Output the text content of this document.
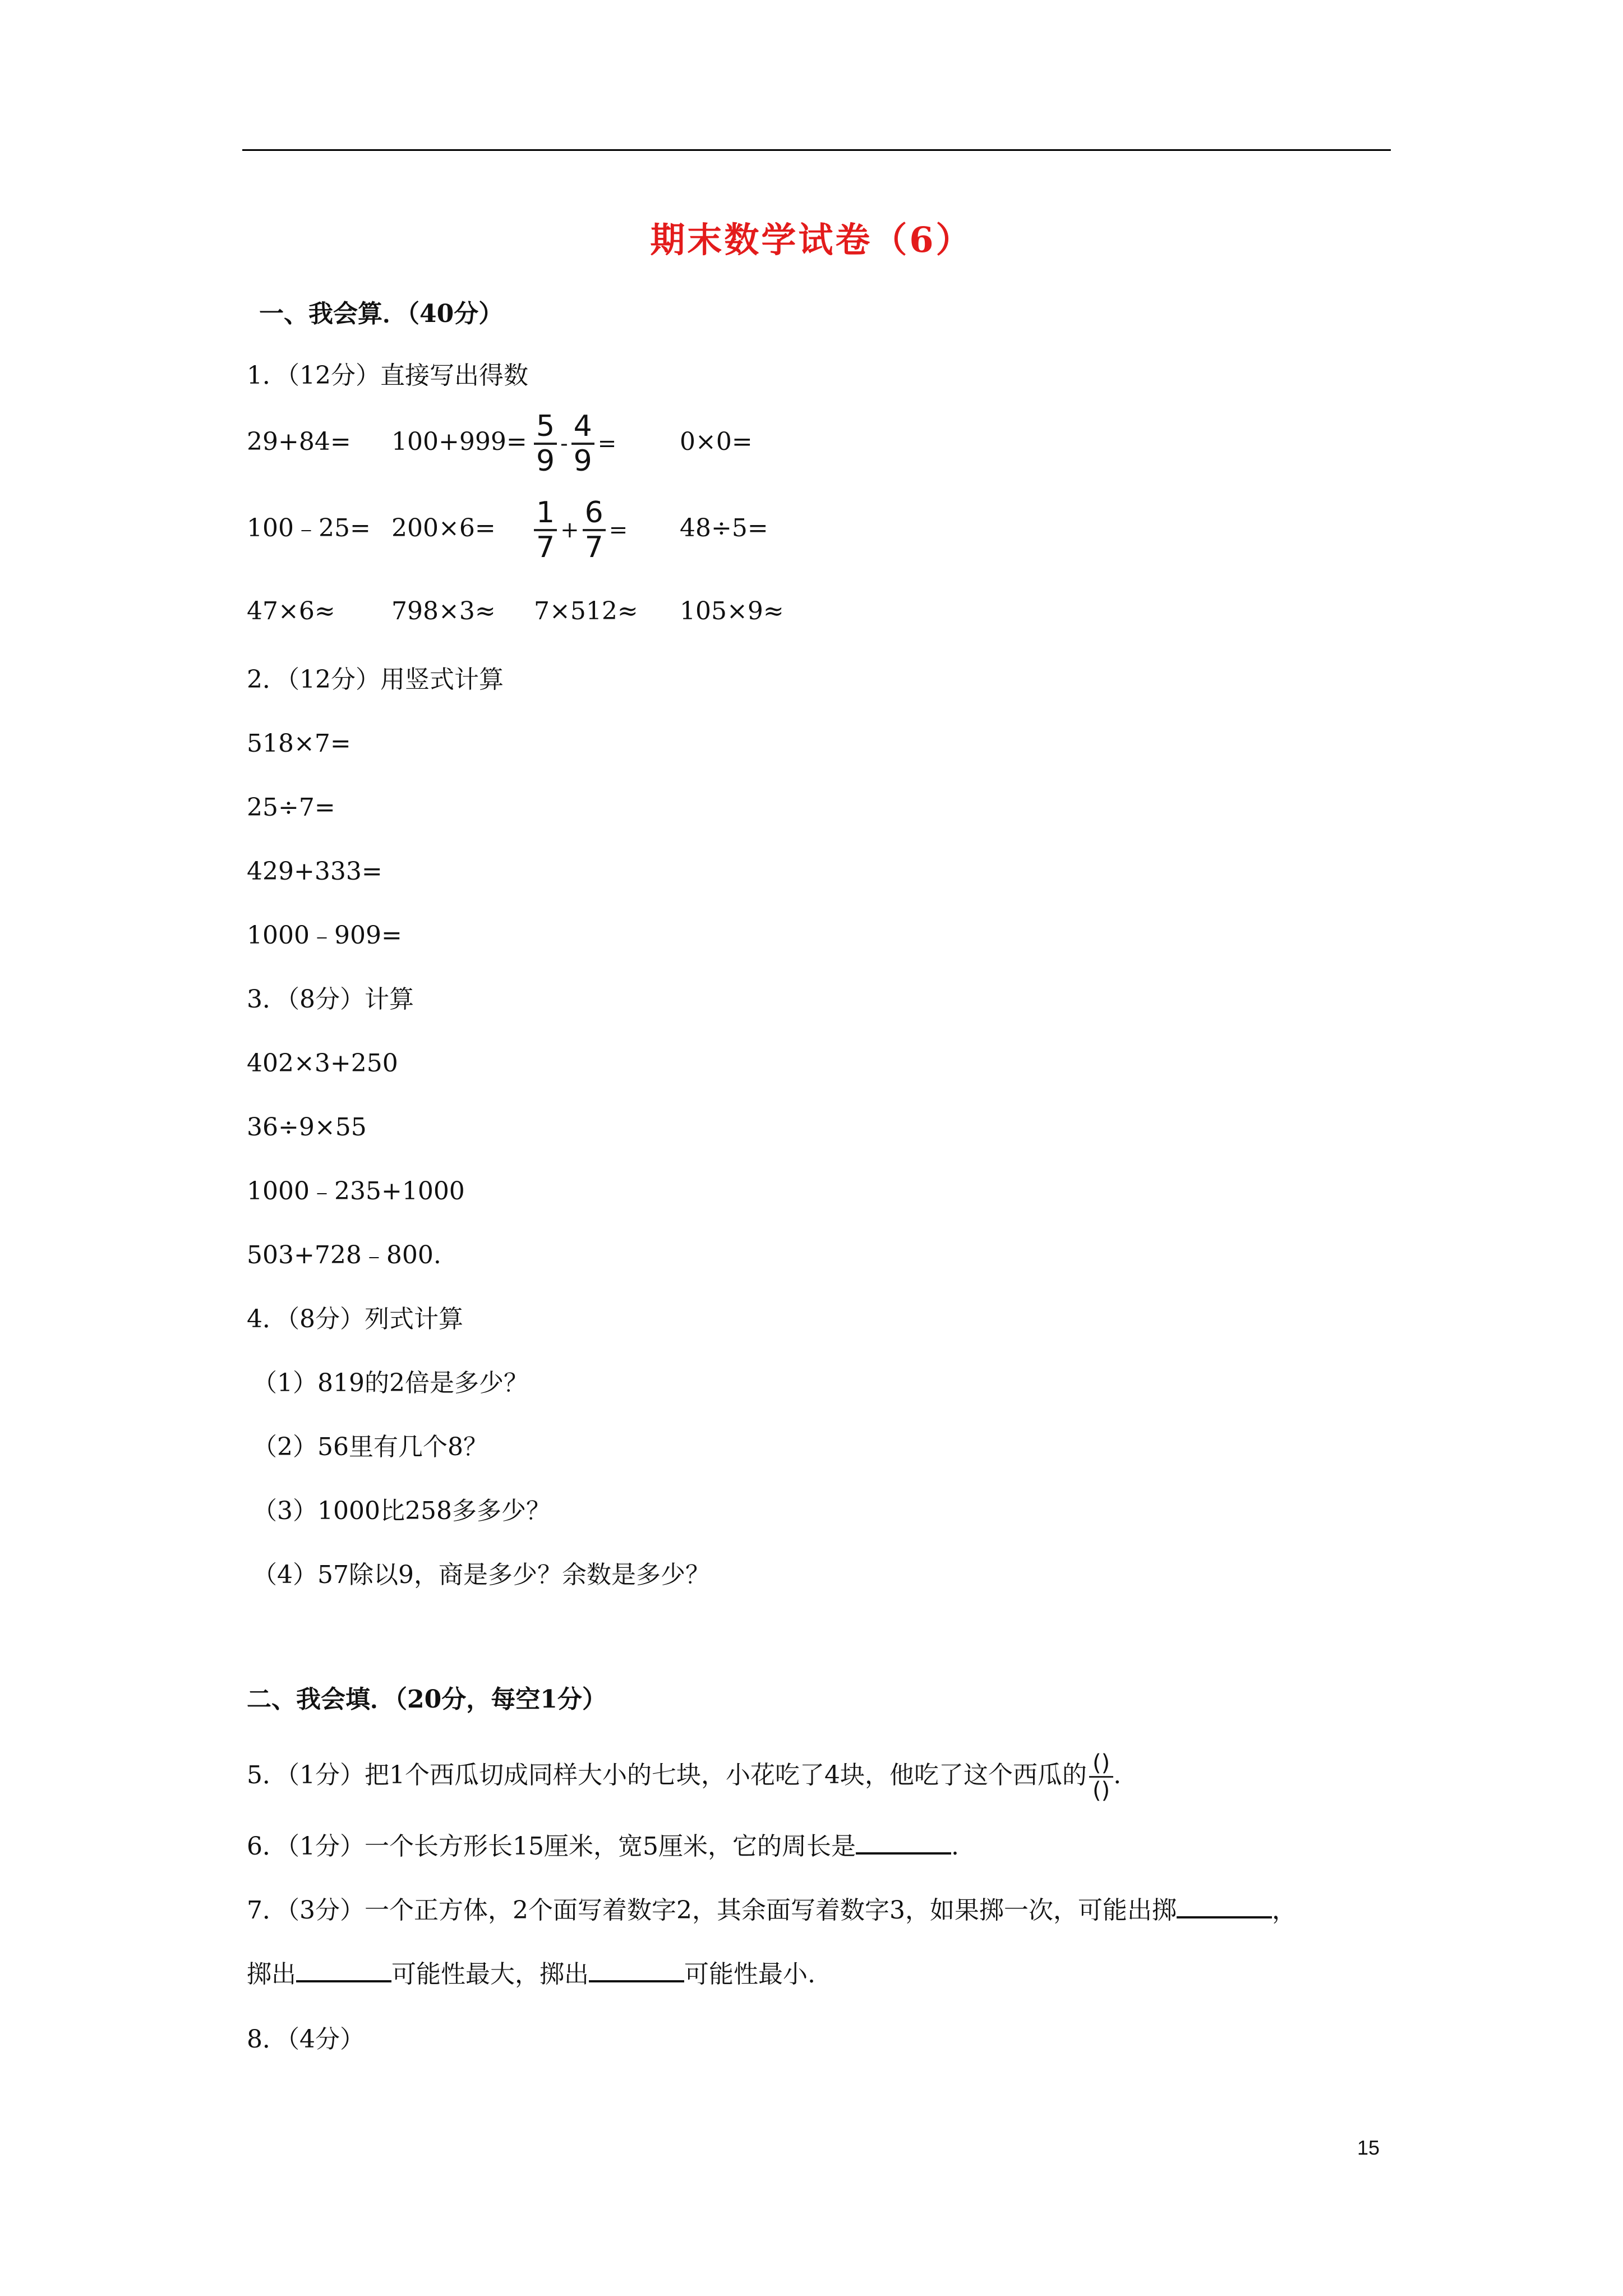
期末数学试卷（6）
一、我会算．（40分）
1．（12分）直接写出得数
$29+84= 100+999= \frac{5}{9} - \frac{4}{9}$ =	0×0=
100﹣25= $200\times 6= \frac{1}{7} + \frac{6}{7} = 48\div 5=$
47×6≈ 798×3≈ 7×512≈ 105×9≈
2．（12分）用竖式计算
518×7=
25÷7=
429+333=
1000﹣909=
3．（8分）计算
402×3+250
36÷9×55
1000﹣235+1000
503+728﹣800.
4．（8分）列式计算
（1）819的2倍是多少？
（2）56里有几个8？
（3）1000比258多多少？
（4）57除以9，商是多少？余数是多少？
二、我会填．（20分，每空1分）
5．（1分）把1个西瓜切成同样大小的七块，小花吃了4块，他吃了这个西瓜的 $\frac{()}{()}$ .
6．（1分）一个长方形长15厘米，宽5厘米，它的周长是	.
7．（3分）一个正方体，2个面写着数字2，其余面写着数字3，如果掷一次，可能出掷	，
掷出	可能性最大，掷出	可能性最小.
8．（4分）
15
